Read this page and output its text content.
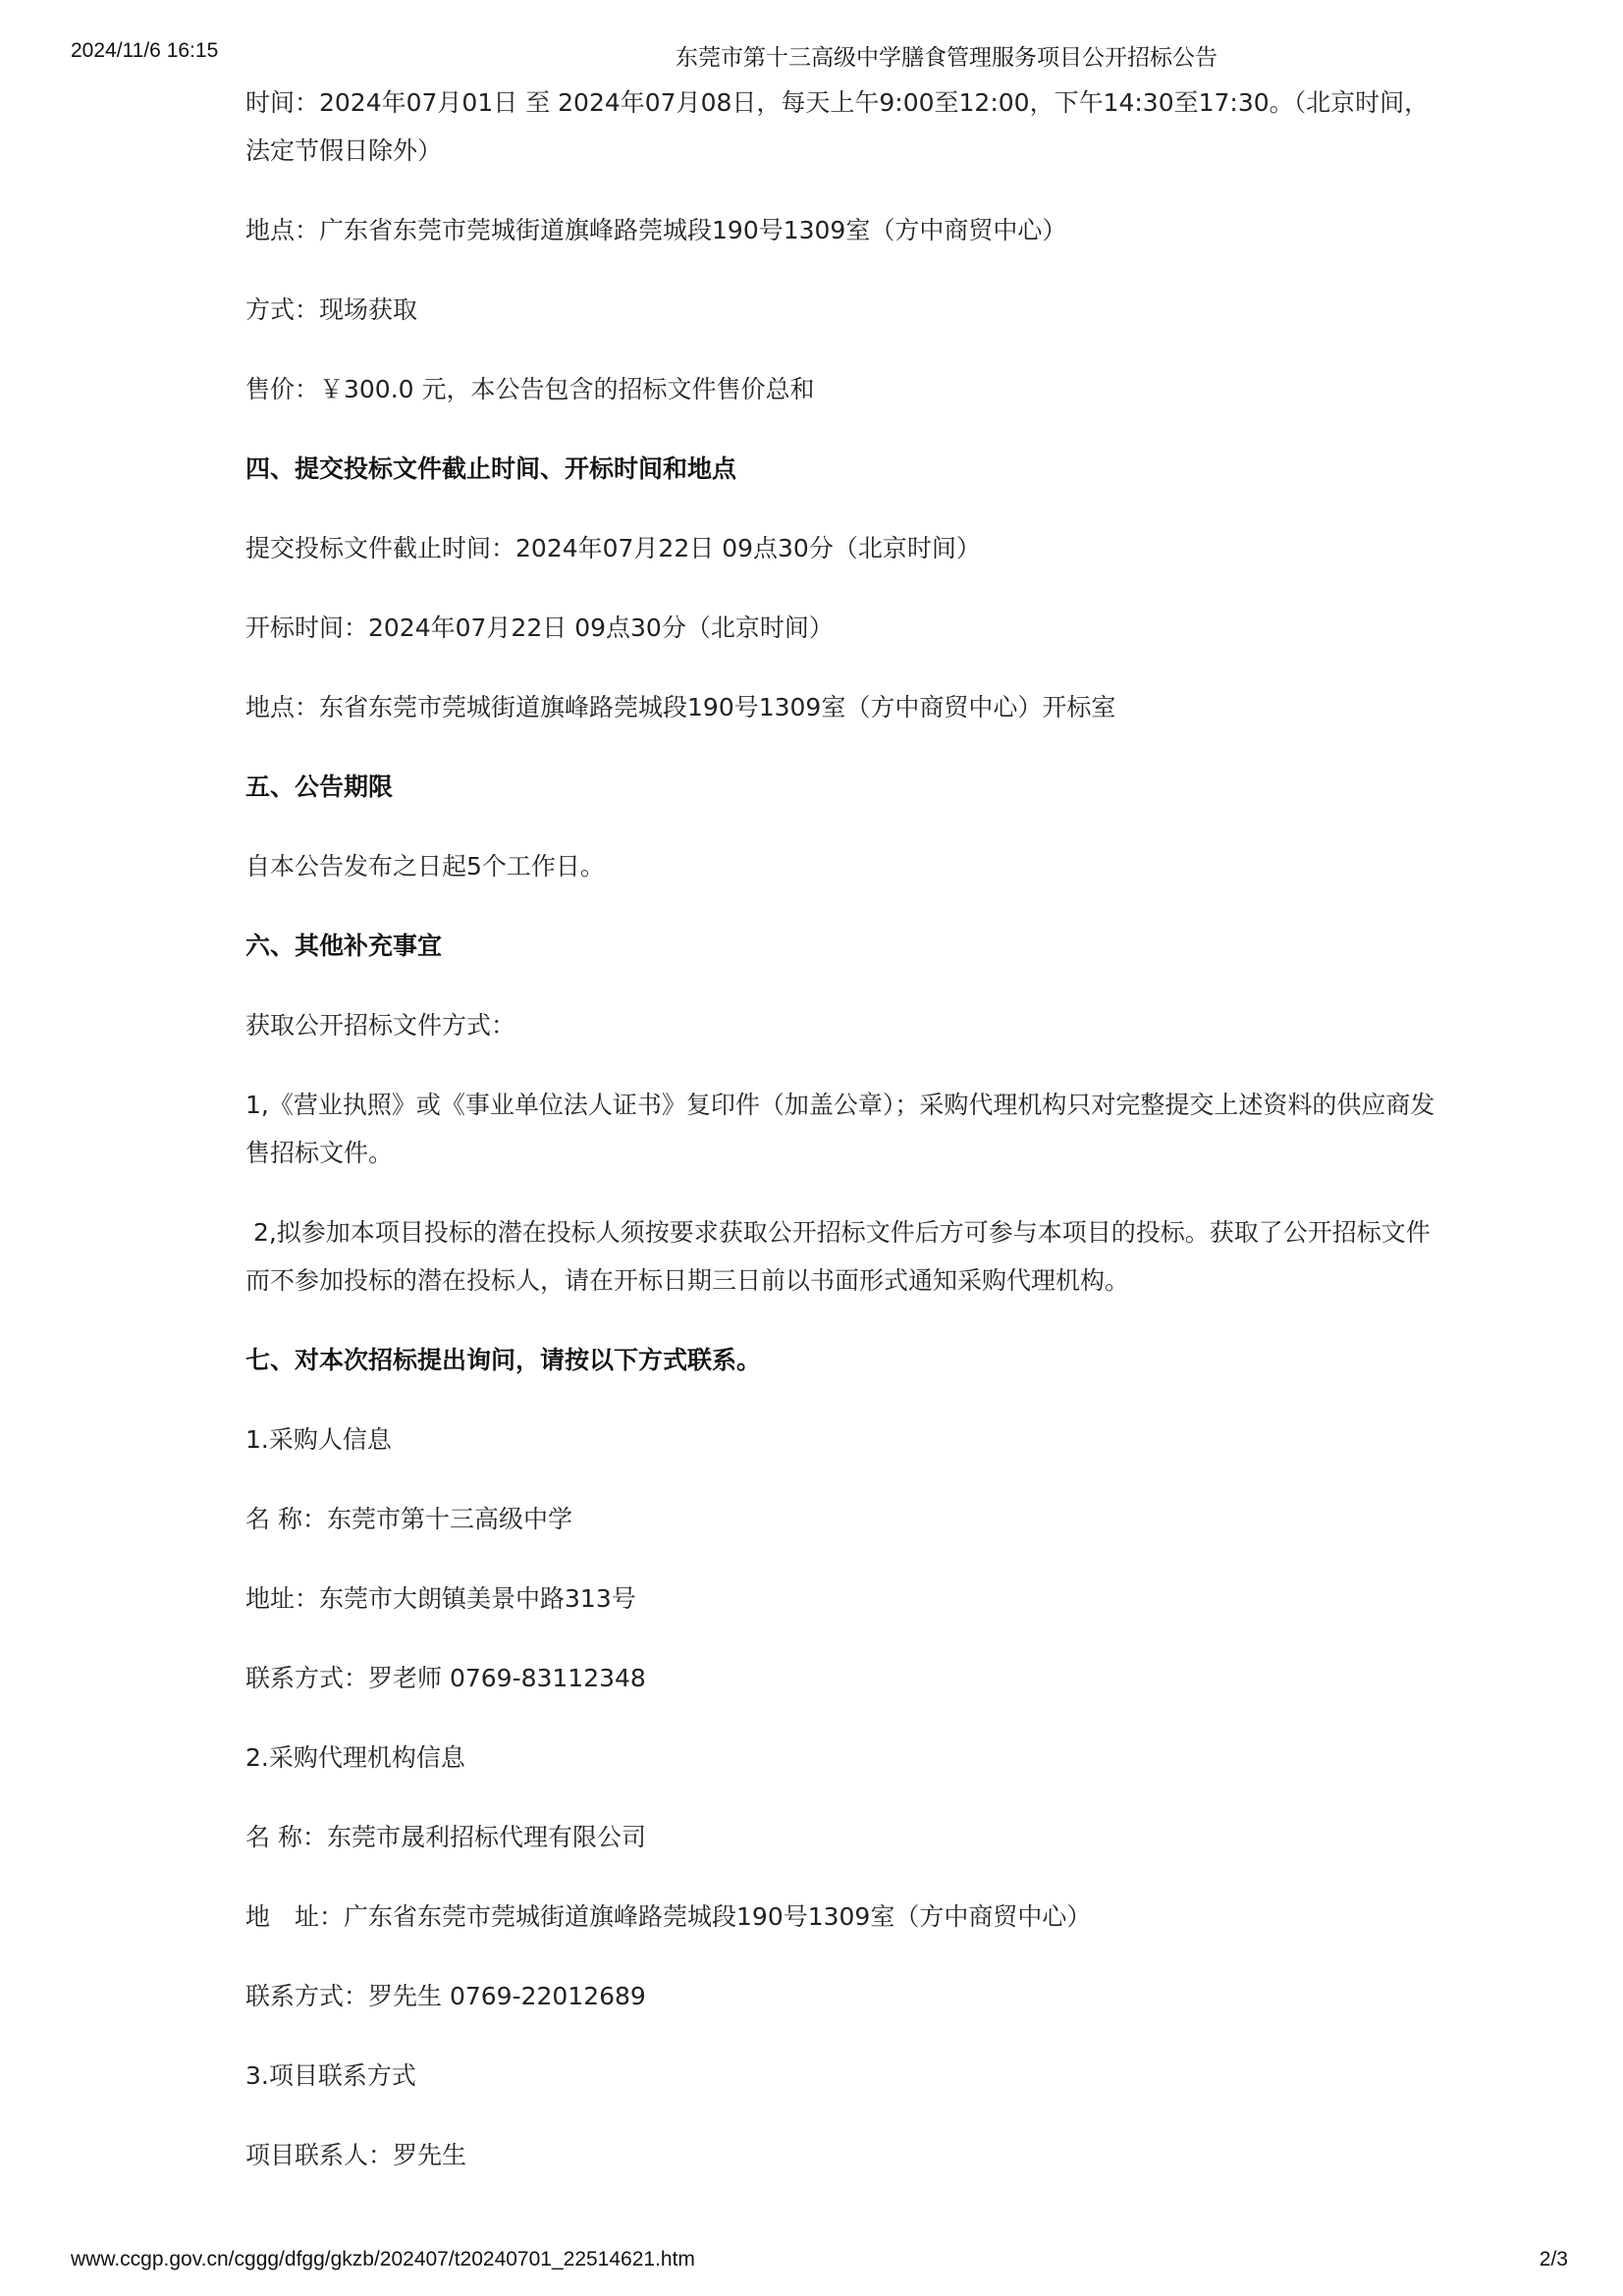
2024/11/6 16:15	东莞市第十三高级中学膳食管理服务项目公开招标公告

时间：2024年07月01日 至 2024年07月08日，每天上午9:00至12:00，下午14:30至17:30。（北京时间，法定节假日除外）

地点：广东省东莞市莞城街道旗峰路莞城段190号1309室（方中商贸中心）

方式：现场获取

售价：￥300.0 元，本公告包含的招标文件售价总和

四、提交投标文件截止时间、开标时间和地点

提交投标文件截止时间：2024年07月22日 09点30分（北京时间）

开标时间：2024年07月22日 09点30分（北京时间）

地点：东省东莞市莞城街道旗峰路莞城段190号1309室（方中商贸中心）开标室

五、公告期限

自本公告发布之日起5个工作日。

六、其他补充事宜

获取公开招标文件方式：

1,《营业执照》或《事业单位法人证书》复印件（加盖公章）；采购代理机构只对完整提交上述资料的供应商发售招标文件。

2,拟参加本项目投标的潜在投标人须按要求获取公开招标文件后方可参与本项目的投标。获取了公开招标文件而不参加投标的潜在投标人，请在开标日期三日前以书面形式通知采购代理机构。

七、对本次招标提出询问，请按以下方式联系。

1.采购人信息

名 称：东莞市第十三高级中学

地址：东莞市大朗镇美景中路313号

联系方式：罗老师 0769-83112348

2.采购代理机构信息

名 称：东莞市晟利招标代理有限公司

地　址：广东省东莞市莞城街道旗峰路莞城段190号1309室（方中商贸中心）

联系方式：罗先生 0769-22012689

3.项目联系方式

项目联系人：罗先生

www.ccgp.gov.cn/cggg/dfgg/gkzb/202407/t20240701_22514621.htm	2/3
